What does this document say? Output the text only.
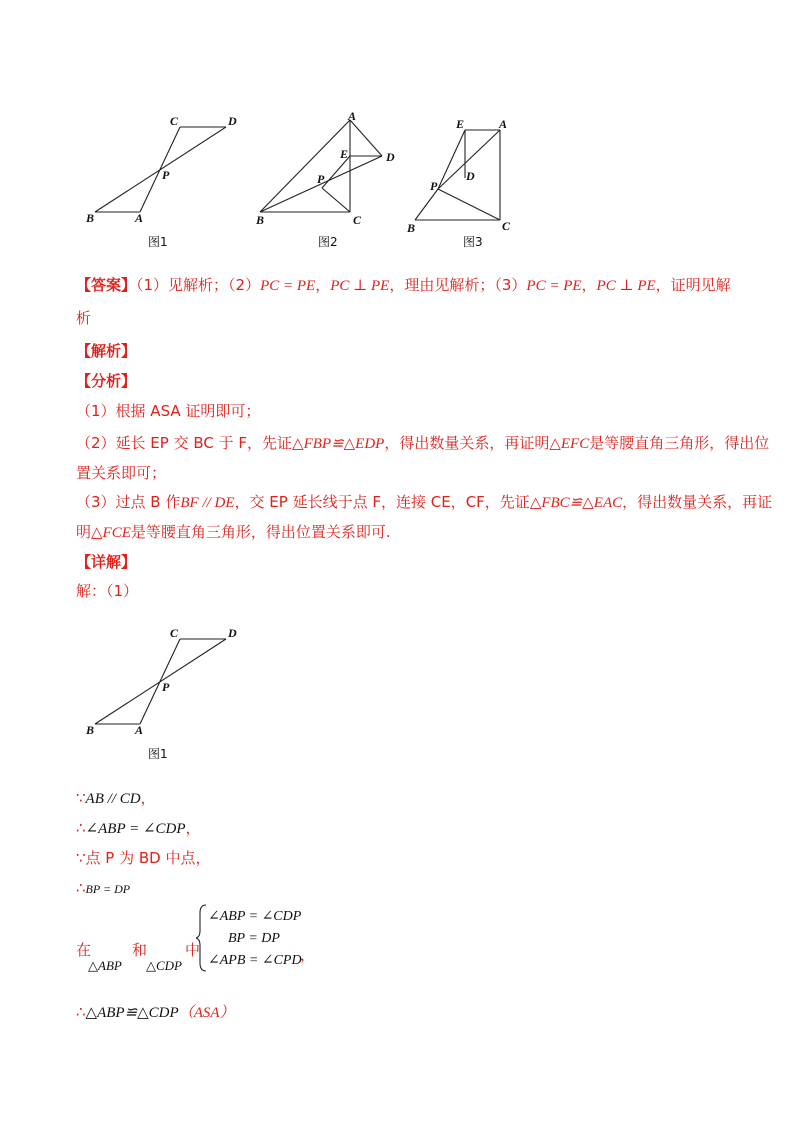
C	D
P
B	A
图1
A
E	D
P
B	C
图2
E	A
D
P
B	C
图3
【答案】（1）见解析；（2）PC = PE，PC ⊥ PE，理由见解析；（3）PC = PE，PC ⊥ PE，证明见解
析
【解析】
【分析】
（1）根据 ASA 证明即可；
（2）延长 EP 交 BC 于 F，先证△FBP≌△EDP，得出数量关系，再证明△EFC是等腰直角三角形，得出位
置关系即可；
（3）过点 B 作BF // DE，交 EP 延长线于点 F，连接 CE，CF，先证△FBC≌△EAC，得出数量关系，再证
明△FCE是等腰直角三角形，得出位置关系即可.
【详解】
解：（1）
C	D
P
B	A
图1
∵AB // CD，
∴∠ABP = ∠CDP，
∵点 P 为 BD 中点，
∴BP = DP
在	和	中
△ABP △CDP
∠ABP = ∠CDP
BP = DP
∠APB = ∠CPD
，
∴△ABP≌△CDP（ASA）
